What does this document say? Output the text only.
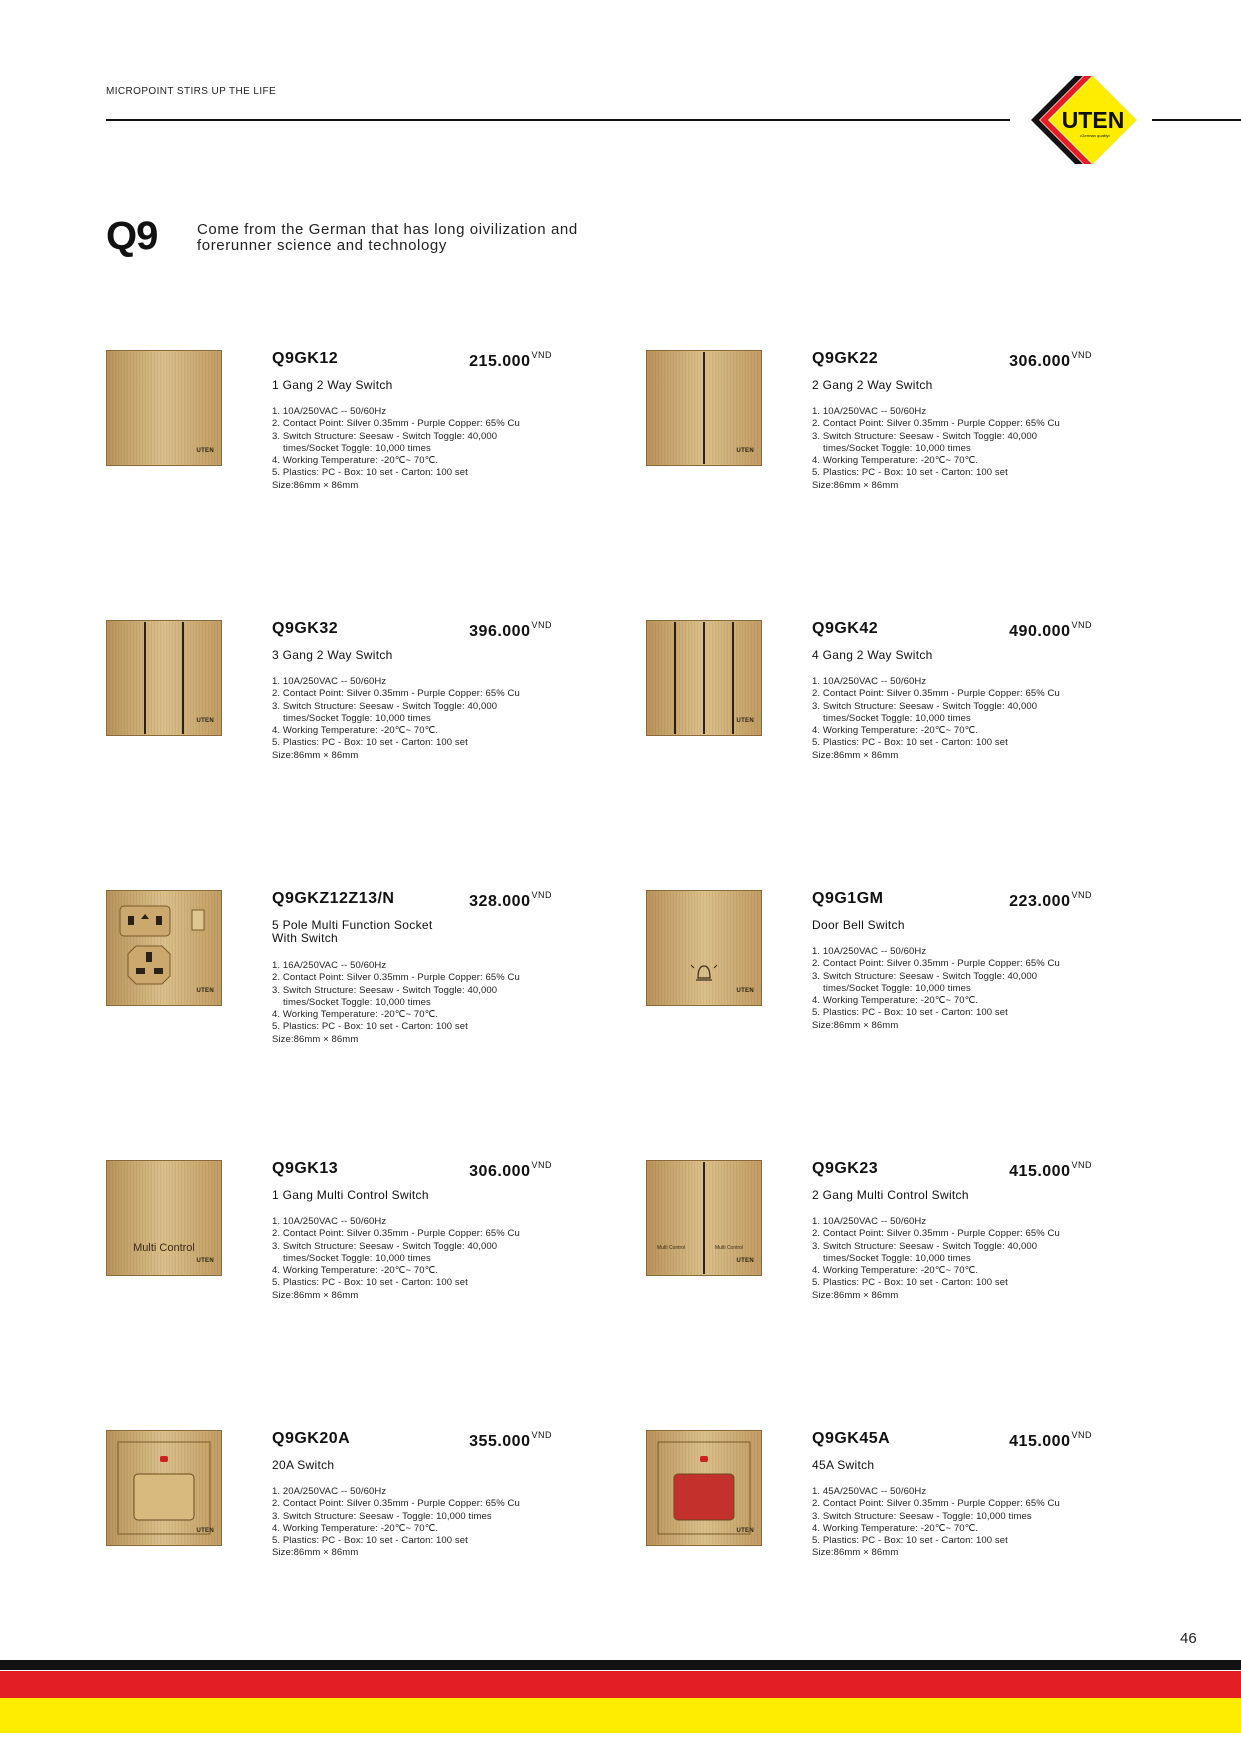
MICROPOINT STIRS UP THE LIFE
UTEN
•German quality•
Q9	Come from the German that has long oivilization and forerunner science and technology
UTEN
Q9GK12	$215.000^{VND}$
1 Gang 2 Way Switch
1. 10A/250VAC -- 50/60Hz
2. Contact Point: Silver 0.35mm - Purple Copper: 65% Cu
3. Switch Structure: Seesaw - Switch Toggle: 40,000
times/Socket Toggle: 10,000 times
4. Working Temperature: -20℃~ 70℃.
5. Plastics: PC - Box: 10 set - Carton: 100 set
Size:86mm × 86mm
UTEN
Q9GK22	$306.000^{VND}$
2 Gang 2 Way Switch
1. 10A/250VAC -- 50/60Hz
2. Contact Point: Silver 0.35mm - Purple Copper: 65% Cu
3. Switch Structure: Seesaw - Switch Toggle: 40,000
times/Socket Toggle: 10,000 times
4. Working Temperature: -20℃~ 70℃.
5. Plastics: PC - Box: 10 set - Carton: 100 set
Size:86mm × 86mm
UTEN
Q9GK32	$396.000^{VND}$
3 Gang 2 Way Switch
1. 10A/250VAC -- 50/60Hz
2. Contact Point: Silver 0.35mm - Purple Copper: 65% Cu
3. Switch Structure: Seesaw - Switch Toggle: 40,000
times/Socket Toggle: 10,000 times
4. Working Temperature: -20℃~ 70℃.
5. Plastics: PC - Box: 10 set - Carton: 100 set
Size:86mm × 86mm
UTEN
Q9GK42	$490.000^{VND}$
4 Gang 2 Way Switch
1. 10A/250VAC -- 50/60Hz
2. Contact Point: Silver 0.35mm - Purple Copper: 65% Cu
3. Switch Structure: Seesaw - Switch Toggle: 40,000
times/Socket Toggle: 10,000 times
4. Working Temperature: -20℃~ 70℃.
5. Plastics: PC - Box: 10 set - Carton: 100 set
Size:86mm × 86mm
UTEN
Q9GKZ12Z13/N	$328.000^{VND}$
5 Pole Multi Function Socket
With Switch
1. 16A/250VAC -- 50/60Hz
2. Contact Point: Silver 0.35mm - Purple Copper: 65% Cu
3. Switch Structure: Seesaw - Switch Toggle: 40,000
times/Socket Toggle: 10,000 times
4. Working Temperature: -20℃~ 70℃.
5. Plastics: PC - Box: 10 set - Carton: 100 set
Size:86mm × 86mm
UTEN
Q9G1GM	$223.000^{VND}$
Door Bell Switch
1. 10A/250VAC -- 50/60Hz
2. Contact Point: Silver 0.35mm - Purple Copper: 65% Cu
3. Switch Structure: Seesaw - Switch Toggle: 40,000
times/Socket Toggle: 10,000 times
4. Working Temperature: -20℃~ 70℃.
5. Plastics: PC - Box: 10 set - Carton: 100 set
Size:86mm × 86mm
UTEN
Multi Control
Q9GK13	$306.000^{VND}$
1 Gang Multi Control Switch
1. 10A/250VAC -- 50/60Hz
2. Contact Point: Silver 0.35mm - Purple Copper: 65% Cu
3. Switch Structure: Seesaw - Switch Toggle: 40,000
times/Socket Toggle: 10,000 times
4. Working Temperature: -20℃~ 70℃.
5. Plastics: PC - Box: 10 set - Carton: 100 set
Size:86mm × 86mm
UTEN
Multi Control	Multi Control
Q9GK23	$415.000^{VND}$
2 Gang Multi Control Switch
1. 10A/250VAC -- 50/60Hz
2. Contact Point: Silver 0.35mm - Purple Copper: 65% Cu
3. Switch Structure: Seesaw - Switch Toggle: 40,000
times/Socket Toggle: 10,000 times
4. Working Temperature: -20℃~ 70℃.
5. Plastics: PC - Box: 10 set - Carton: 100 set
Size:86mm × 86mm
UTEN
Q9GK20A	$355.000^{VND}$
20A Switch
1. 20A/250VAC -- 50/60Hz
2. Contact Point: Silver 0.35mm - Purple Copper: 65% Cu
3. Switch Structure: Seesaw - Toggle: 10,000 times
4. Working Temperature: -20℃~ 70℃.
5. Plastics: PC - Box: 10 set - Carton: 100 set
Size:86mm × 86mm
UTEN
Q9GK45A	$415.000^{VND}$
45A Switch
1. 45A/250VAC -- 50/60Hz
2. Contact Point: Silver 0.35mm - Purple Copper: 65% Cu
3. Switch Structure: Seesaw - Toggle: 10,000 times
4. Working Temperature: -20℃~ 70℃.
5. Plastics: PC - Box: 10 set - Carton: 100 set
Size:86mm × 86mm
46
